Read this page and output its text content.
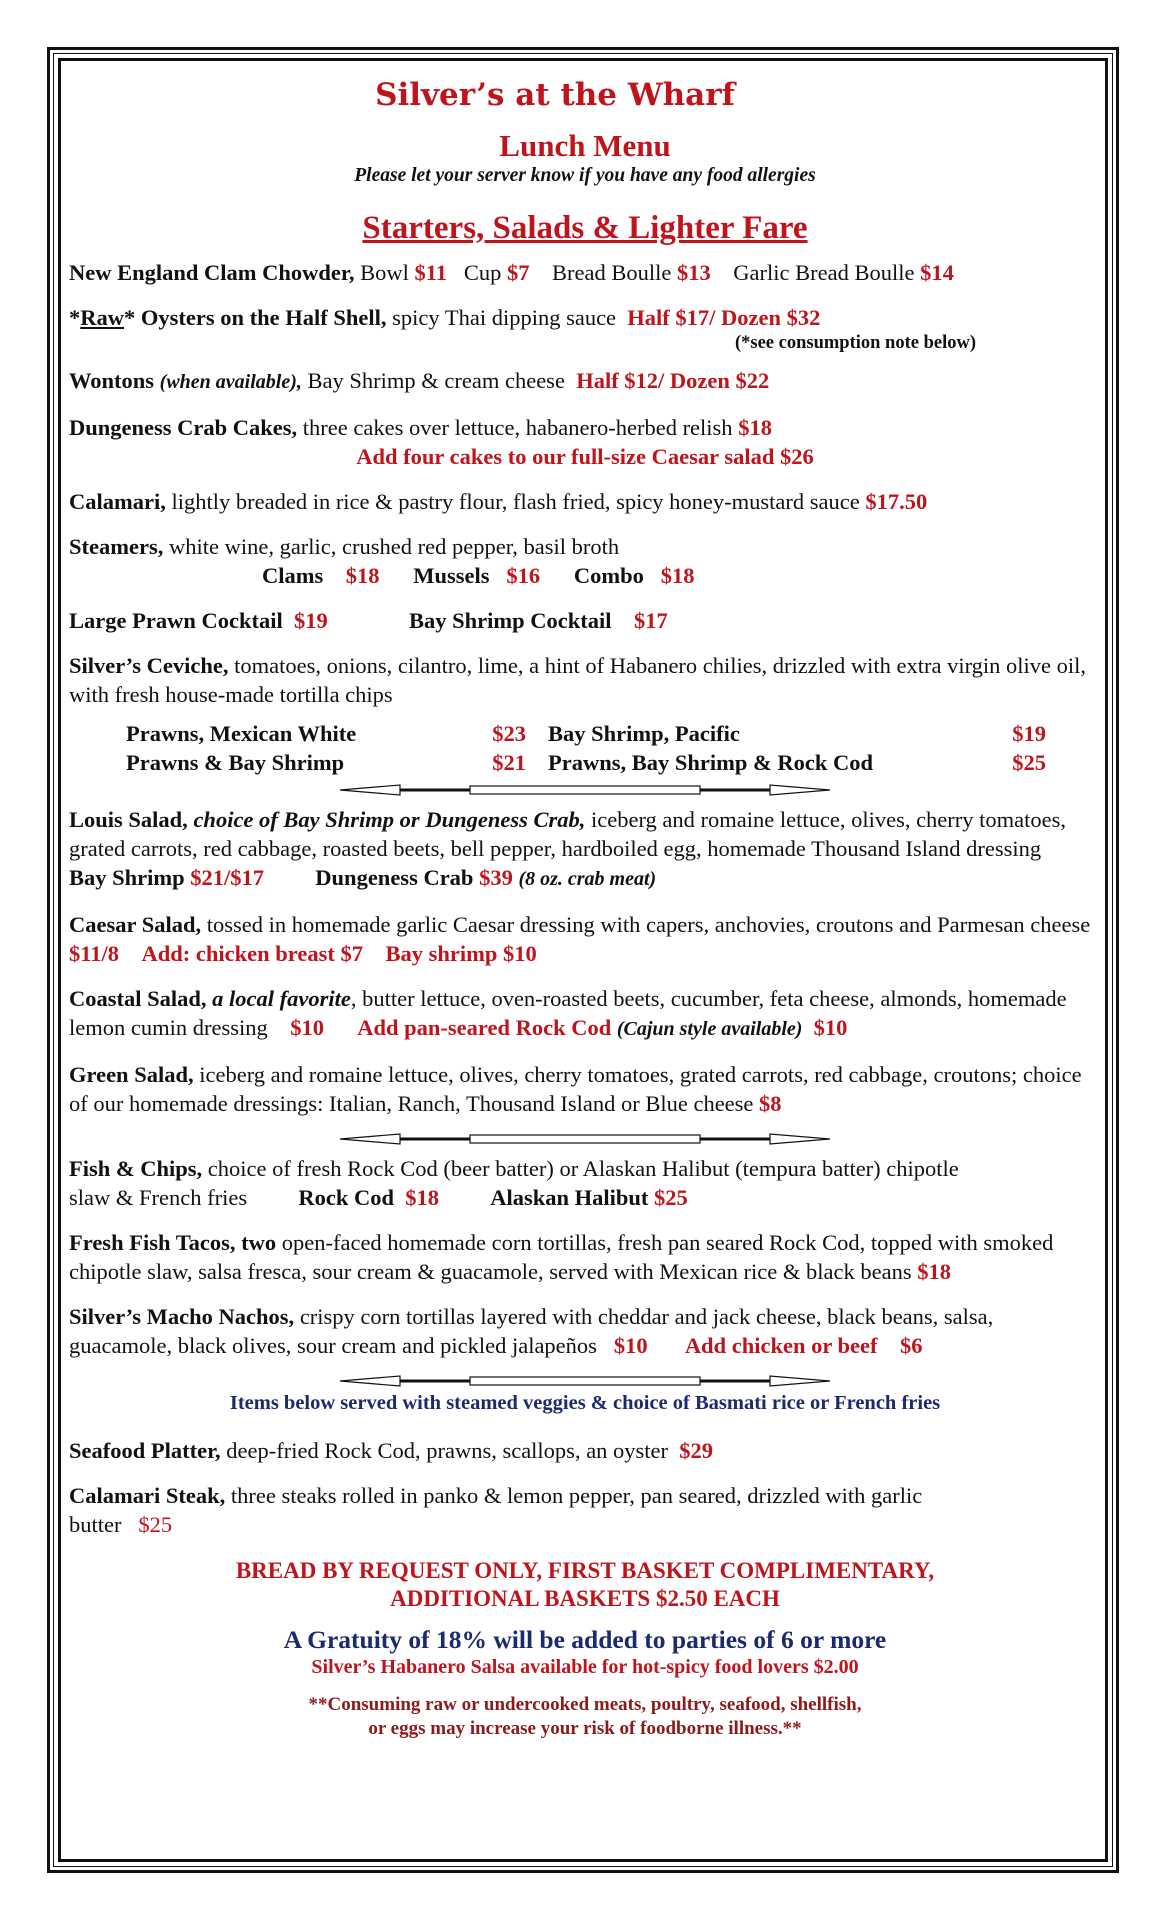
Silver’s at the Wharf
Lunch Menu
Please let your server know if you have any food allergies
Starters, Salads & Lighter Fare
New England Clam Chowder, Bowl $11 Cup $7 Bread Boulle $13 Garlic Bread Boulle $14
*Raw* Oysters on the Half Shell, spicy Thai dipping sauce Half $17/ Dozen $32
(*see consumption note below)
Wontons (when available), Bay Shrimp & cream cheese Half $12/ Dozen $22
Dungeness Crab Cakes, three cakes over lettuce, habanero-herbed relish $18
Add four cakes to our full-size Caesar salad $26
Calamari, lightly breaded in rice & pastry flour, flash fried, spicy honey-mustard sauce $17.50
Steamers, white wine, garlic, crushed red pepper, basil broth
Clams $18 Mussels $16 Combo $18
Large Prawn Cocktail $19	Bay Shrimp Cocktail $17
Silver’s Ceviche, tomatoes, onions, cilantro, lime, a hint of Habanero chilies, drizzled with extra virgin olive oil, with fresh house-made tortilla chips
Prawns, Mexican White	$23 Bay Shrimp, Pacific	$19
Prawns & Bay Shrimp	$21 Prawns, Bay Shrimp & Rock Cod	$25
Louis Salad, choice of Bay Shrimp or Dungeness Crab, iceberg and romaine lettuce, olives, cherry tomatoes, grated carrots, red cabbage, roasted beets, bell pepper, hardboiled egg, homemade Thousand Island dressing  Bay Shrimp $21/$17 Dungeness Crab $39 (8 oz. crab meat)
Caesar Salad, tossed in homemade garlic Caesar dressing with capers, anchovies, croutons and Parmesan cheese  $11/8 Add: chicken breast $7 Bay shrimp $10
Coastal Salad, a local favorite, butter lettuce, oven-roasted beets, cucumber, feta cheese, almonds, homemade lemon cumin dressing $10 Add pan-seared Rock Cod (Cajun style available) $10
Green Salad, iceberg and romaine lettuce, olives, cherry tomatoes, grated carrots, red cabbage, croutons; choice of our homemade dressings: Italian, Ranch, Thousand Island or Blue cheese $8
Fish & Chips, choice of fresh Rock Cod (beer batter) or Alaskan Halibut (tempura batter) chipotle slaw & French fries Rock Cod $18 Alaskan Halibut $25
Fresh Fish Tacos, two open-faced homemade corn tortillas, fresh pan seared Rock Cod, topped with smoked chipotle slaw, salsa fresca, sour cream & guacamole, served with Mexican rice & black beans $18
Silver’s Macho Nachos, crispy corn tortillas layered with cheddar and jack cheese, black beans, salsa, guacamole, black olives, sour cream and pickled jalapeños $10 Add chicken or beef $6
Items below served with steamed veggies & choice of Basmati rice or French fries
Seafood Platter, deep-fried Rock Cod, prawns, scallops, an oyster $29
Calamari Steak, three steaks rolled in panko & lemon pepper, pan seared, drizzled with garlic butter $25
BREAD BY REQUEST ONLY, FIRST BASKET COMPLIMENTARY,
ADDITIONAL BASKETS $2.50 EACH
A Gratuity of 18% will be added to parties of 6 or more
Silver’s Habanero Salsa available for hot-spicy food lovers $2.00
**Consuming raw or undercooked meats, poultry, seafood, shellfish,
or eggs may increase your risk of foodborne illness.**
